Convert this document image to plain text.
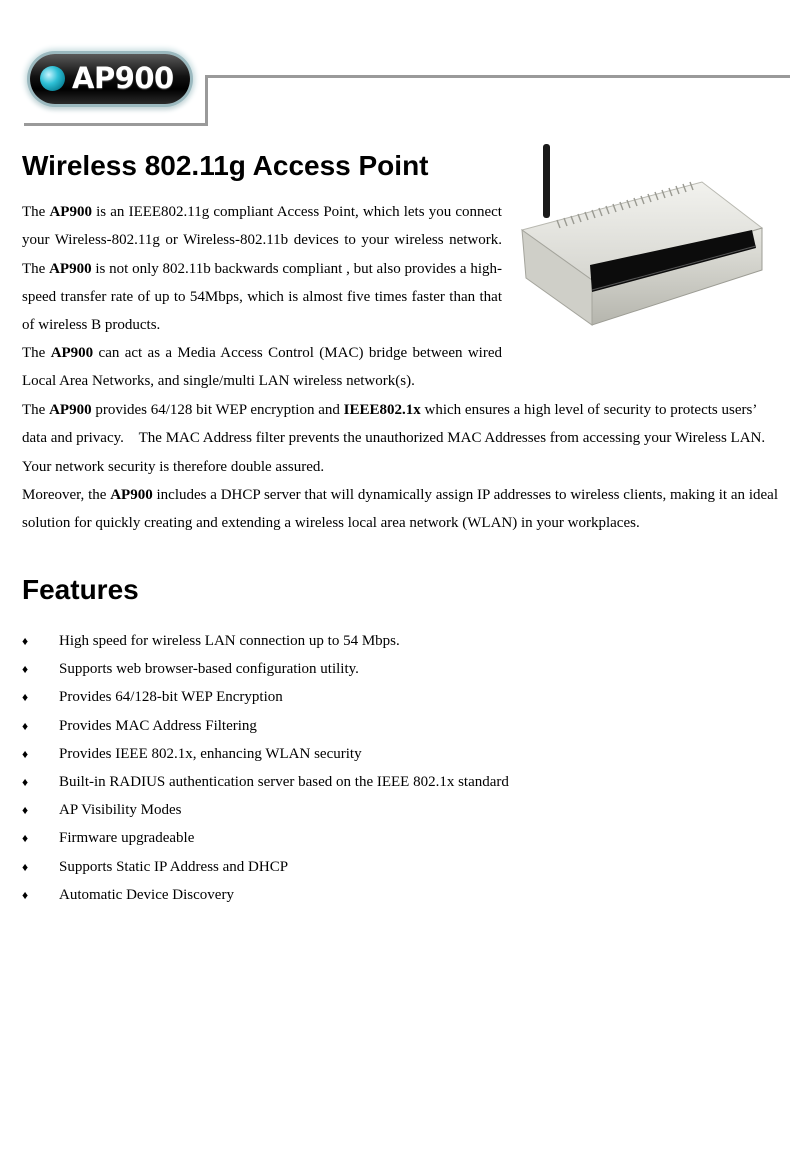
AP900
Wireless 802.11g Access Point

The AP900 is an IEEE802.11g compliant Access Point, which lets you connect your Wireless-802.11g or Wireless-802.11b devices to your wireless network. The AP900 is not only 802.11b backwards compliant , but also provides a high-speed transfer rate of up to 54Mbps, which is almost five times faster than that of wireless B products.

The AP900 can act as a Media Access Control (MAC) bridge between wired Local Area Networks, and single/multi LAN wireless network(s).

The AP900 provides 64/128 bit WEP encryption and IEEE802.1x which ensures a high level of security to protects users’ data and privacy.    The MAC Address filter prevents the unauthorized MAC Addresses from accessing your Wireless LAN. Your network security is therefore double assured.

Moreover, the AP900 includes a DHCP server that will dynamically assign IP addresses to wireless clients, making it an ideal solution for quickly creating and extending a wireless local area network (WLAN) in your workplaces.

Features
♦ High speed for wireless LAN connection up to 54 Mbps.
♦ Supports web browser-based configuration utility.
♦ Provides 64/128-bit WEP Encryption
♦ Provides MAC Address Filtering
♦ Provides IEEE 802.1x, enhancing WLAN security
♦ Built-in RADIUS authentication server based on the IEEE 802.1x standard
♦ AP Visibility Modes
♦ Firmware upgradeable
♦ Supports Static IP Address and DHCP
♦ Automatic Device Discovery
